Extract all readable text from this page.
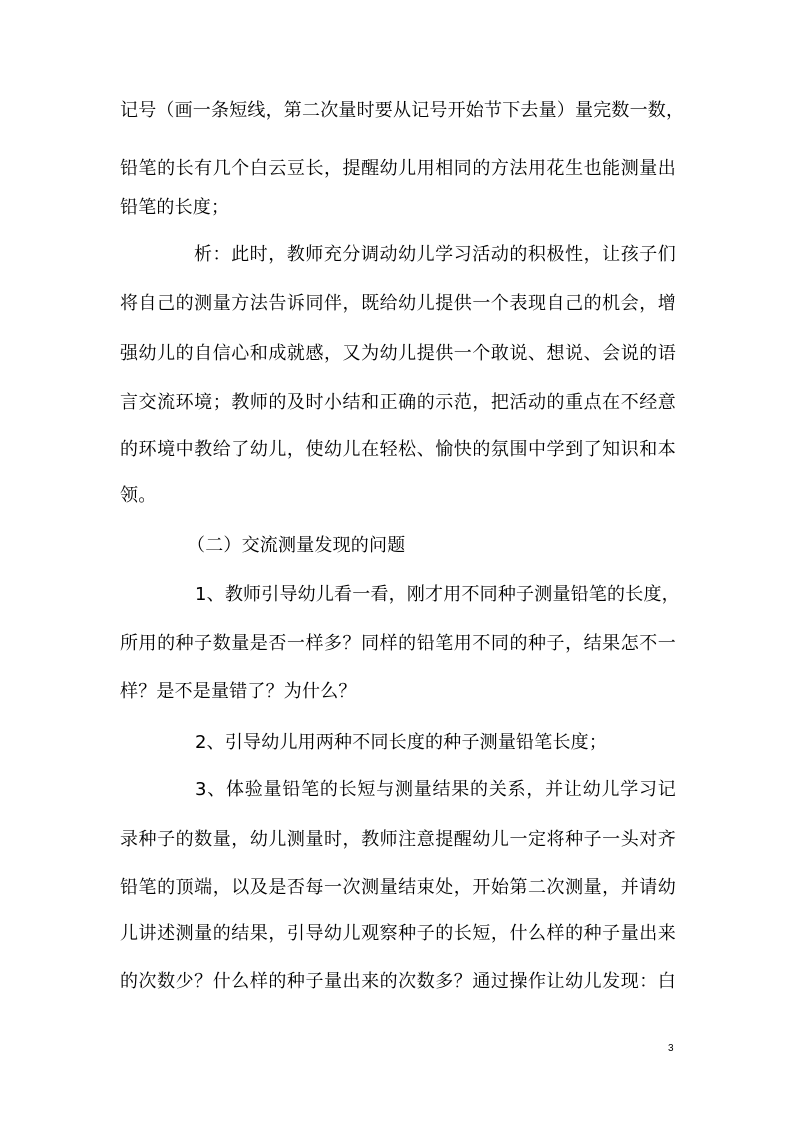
记号（画一条短线，第二次量时要从记号开始节下去量）量完数一数，
铅笔的长有几个白云豆长，提醒幼儿用相同的方法用花生也能测量出
铅笔的长度；
析：此时，教师充分调动幼儿学习活动的积极性，让孩子们
将自己的测量方法告诉同伴，既给幼儿提供一个表现自己的机会，增
强幼儿的自信心和成就感，又为幼儿提供一个敢说、想说、会说的语
言交流环境；教师的及时小结和正确的示范，把活动的重点在不经意
的环境中教给了幼儿，使幼儿在轻松、愉快的氛围中学到了知识和本
领。
（二）交流测量发现的问题
1、教师引导幼儿看一看，刚才用不同种子测量铅笔的长度，
所用的种子数量是否一样多？同样的铅笔用不同的种子，结果怎不一
样？是不是量错了？为什么？
2、引导幼儿用两种不同长度的种子测量铅笔长度；
3、体验量铅笔的长短与测量结果的关系，并让幼儿学习记
录种子的数量，幼儿测量时，教师注意提醒幼儿一定将种子一头对齐
铅笔的顶端，以及是否每一次测量结束处，开始第二次测量，并请幼
儿讲述测量的结果，引导幼儿观察种子的长短，什么样的种子量出来
的次数少？什么样的种子量出来的次数多？通过操作让幼儿发现：白
3
